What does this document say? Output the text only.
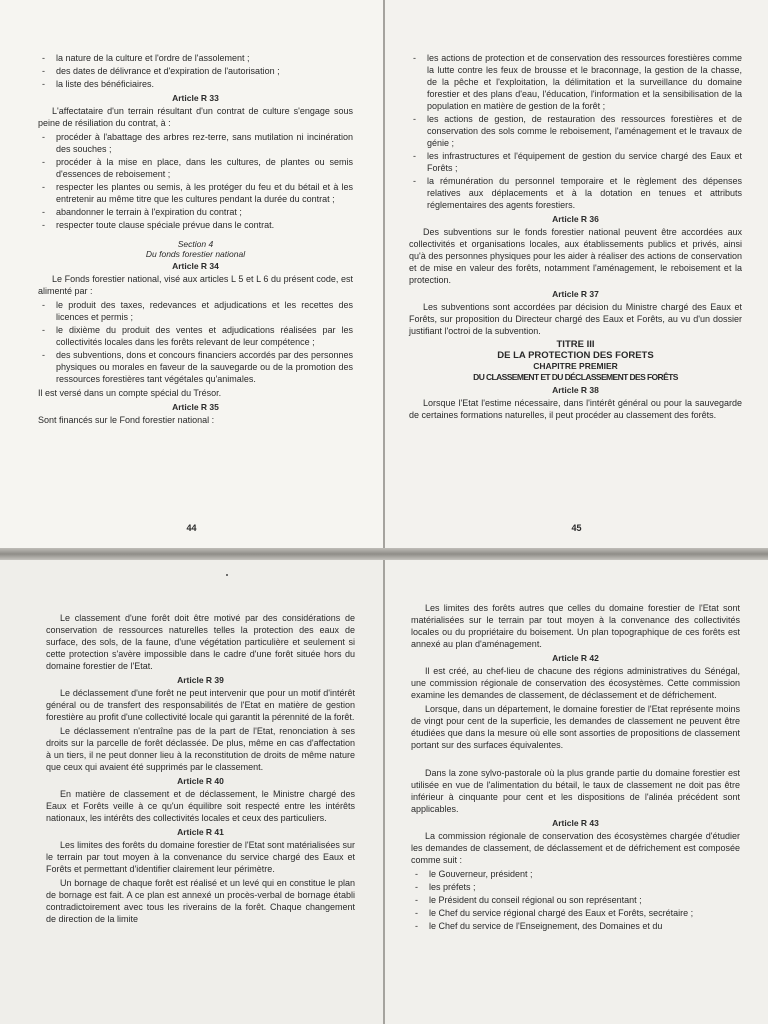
- la nature de la culture et l'ordre de l'assolement ;
- des dates de délivrance et d'expiration de l'autorisation ;
- la liste des bénéficiaires.
Article R 33

L'affectataire d'un terrain résultant d'un contrat de culture s'engage sous peine de résiliation du contrat, à :

- procéder à l'abattage des arbres rez-terre, sans mutilation ni incinération des souches ;
- procéder à la mise en place, dans les cultures, de plantes ou semis d'essences de reboisement ;
- respecter les plantes ou semis, à les protéger du feu et du bétail et à les entretenir au même titre que les cultures pendant la durée du contrat ;
- abandonner le terrain à l'expiration du contrat ;
- respecter toute clause spéciale prévue dans le contrat.
Section 4
Du fonds forestier national
Article R 34

Le Fonds forestier national, visé aux articles L 5 et L 6 du présent code, est alimenté par :

- le produit des taxes, redevances et adjudications et les recettes des licences et permis ;
- le dixième du produit des ventes et adjudications réalisées par les collectivités locales dans les forêts relevant de leur compétence ;
- des subventions, dons et concours financiers accordés par des personnes physiques ou morales en faveur de la sauvegarde ou de la promotion des ressources forestières tant végétales qu'animales.

Il est versé dans un compte spécial du Trésor.

Article R 35

Sont financés sur le Fond forestier national :

44
- les actions de protection et de conservation des ressources forestières comme la lutte contre les feux de brousse et le braconnage, la gestion de la chasse, de la pêche et l'exploitation, la délimitation et la surveillance du domaine forestier et des plans d'eau, l'éducation, l'information et la sensibilisation de la population en matière de gestion de la forêt ;
- les actions de gestion, de restauration des ressources forestières et de conservation des sols comme le reboisement, l'aménagement et le travaux de génie ;
- les infrastructures et l'équipement de gestion du service chargé des Eaux et Forêts ;
- la rémunération du personnel temporaire et le règlement des dépenses relatives aux déplacements et à la dotation en tenues et attributs réglementaires des agents forestiers.
Article R 36

Des subventions sur le fonds forestier national peuvent être accordées aux collectivités et organisations locales, aux établissements publics et privés, ainsi qu'à des personnes physiques pour les aider à réaliser des actions de conservation et de mise en valeur des forêts, notamment l'aménagement, le reboisement et la protection.

Article R 37

Les subventions sont accordées par décision du Ministre chargé des Eaux et Forêts, sur proposition du Directeur chargé des Eaux et Forêts, au vu d'un dossier justifiant l'octroi de la subvention.

TITRE III
DE LA PROTECTION DES FORETS
CHAPITRE PREMIER
DU CLASSEMENT ET DU DÉCLASSEMENT DES FORÊTS
Article R 38

Lorsque l'Etat l'estime nécessaire, dans l'intérêt général ou pour la sauvegarde de certaines formations naturelles, il peut procéder au classement des forêts.

45

Le classement d'une forêt doit être motivé par des considérations de conservation de ressources naturelles telles la protection des eaux de surface, des sols, de la faune, d'une végétation particulière et seulement si cette protection s'avère impossible dans le cadre d'une forêt située hors du domaine forestier de l'Etat.

Article R 39

Le déclassement d'une forêt ne peut intervenir que pour un motif d'intérêt général ou de transfert des responsabilités de l'Etat en matière de gestion forestière au profit d'une collectivité locale qui garantit la pérennité de la forêt.

Le déclassement n'entraîne pas de la part de l'Etat, renonciation à ses droits sur la parcelle de forêt déclassée. De plus, même en cas d'affectation à un tiers, il ne peut donner lieu à la reconstitution de droits de même nature que ceux qui avaient été supprimés par le classement.

Article R 40

En matière de classement et de déclassement, le Ministre chargé des Eaux et Forêts veille à ce qu'un équilibre soit respecté entre les intérêts nationaux, les intérêts des collectivités locales et ceux des particuliers.

Article R 41

Les limites des forêts du domaine forestier de l'Etat sont matérialisées sur le terrain par tout moyen à la convenance du service chargé des Eaux et Forêts et permettant d'identifier clairement leur périmètre.

Un bornage de chaque forêt est réalisé et un levé qui en constitue le plan de bornage est fait. A ce plan est annexé un procès-verbal de bornage établi contradictoirement avec tous les riverains de la forêt. Chaque changement de direction de la limite

Les limites des forêts autres que celles du domaine forestier de l'Etat sont matérialisées sur le terrain par tout moyen à la convenance des collectivités locales ou du propriétaire du boisement. Un plan topographique de ces forêts est annexé au plan d'aménagement.

Article R 42

Il est créé, au chef-lieu de chacune des régions administratives du Sénégal, une commission régionale de conservation des écosystèmes. Cette commission examine les demandes de classement, de déclassement et de défrichement.

Lorsque, dans un département, le domaine forestier de l'Etat représente moins de vingt pour cent de la superficie, les demandes de classement ne peuvent être étudiées que dans la mesure où elle sont assorties de propositions de classement portant sur des surfaces équivalentes.

Dans la zone sylvo-pastorale où la plus grande partie du domaine forestier est utilisée en vue de l'alimentation du bétail, le taux de classement ne doit pas être inférieur à cinquante pour cent et les dispositions de l'alinéa précédent sont applicables.

Article R 43

La commission régionale de conservation des écosystèmes chargée d'étudier les demandes de classement, de déclassement et de défrichement est composée comme suit :

- le Gouverneur, président ;
- les préfets ;
- le Président du conseil régional ou son représentant ;
- le Chef du service régional chargé des Eaux et Forêts, secrétaire ;
- le Chef du service de l'Enseignement, des Domaines et du
